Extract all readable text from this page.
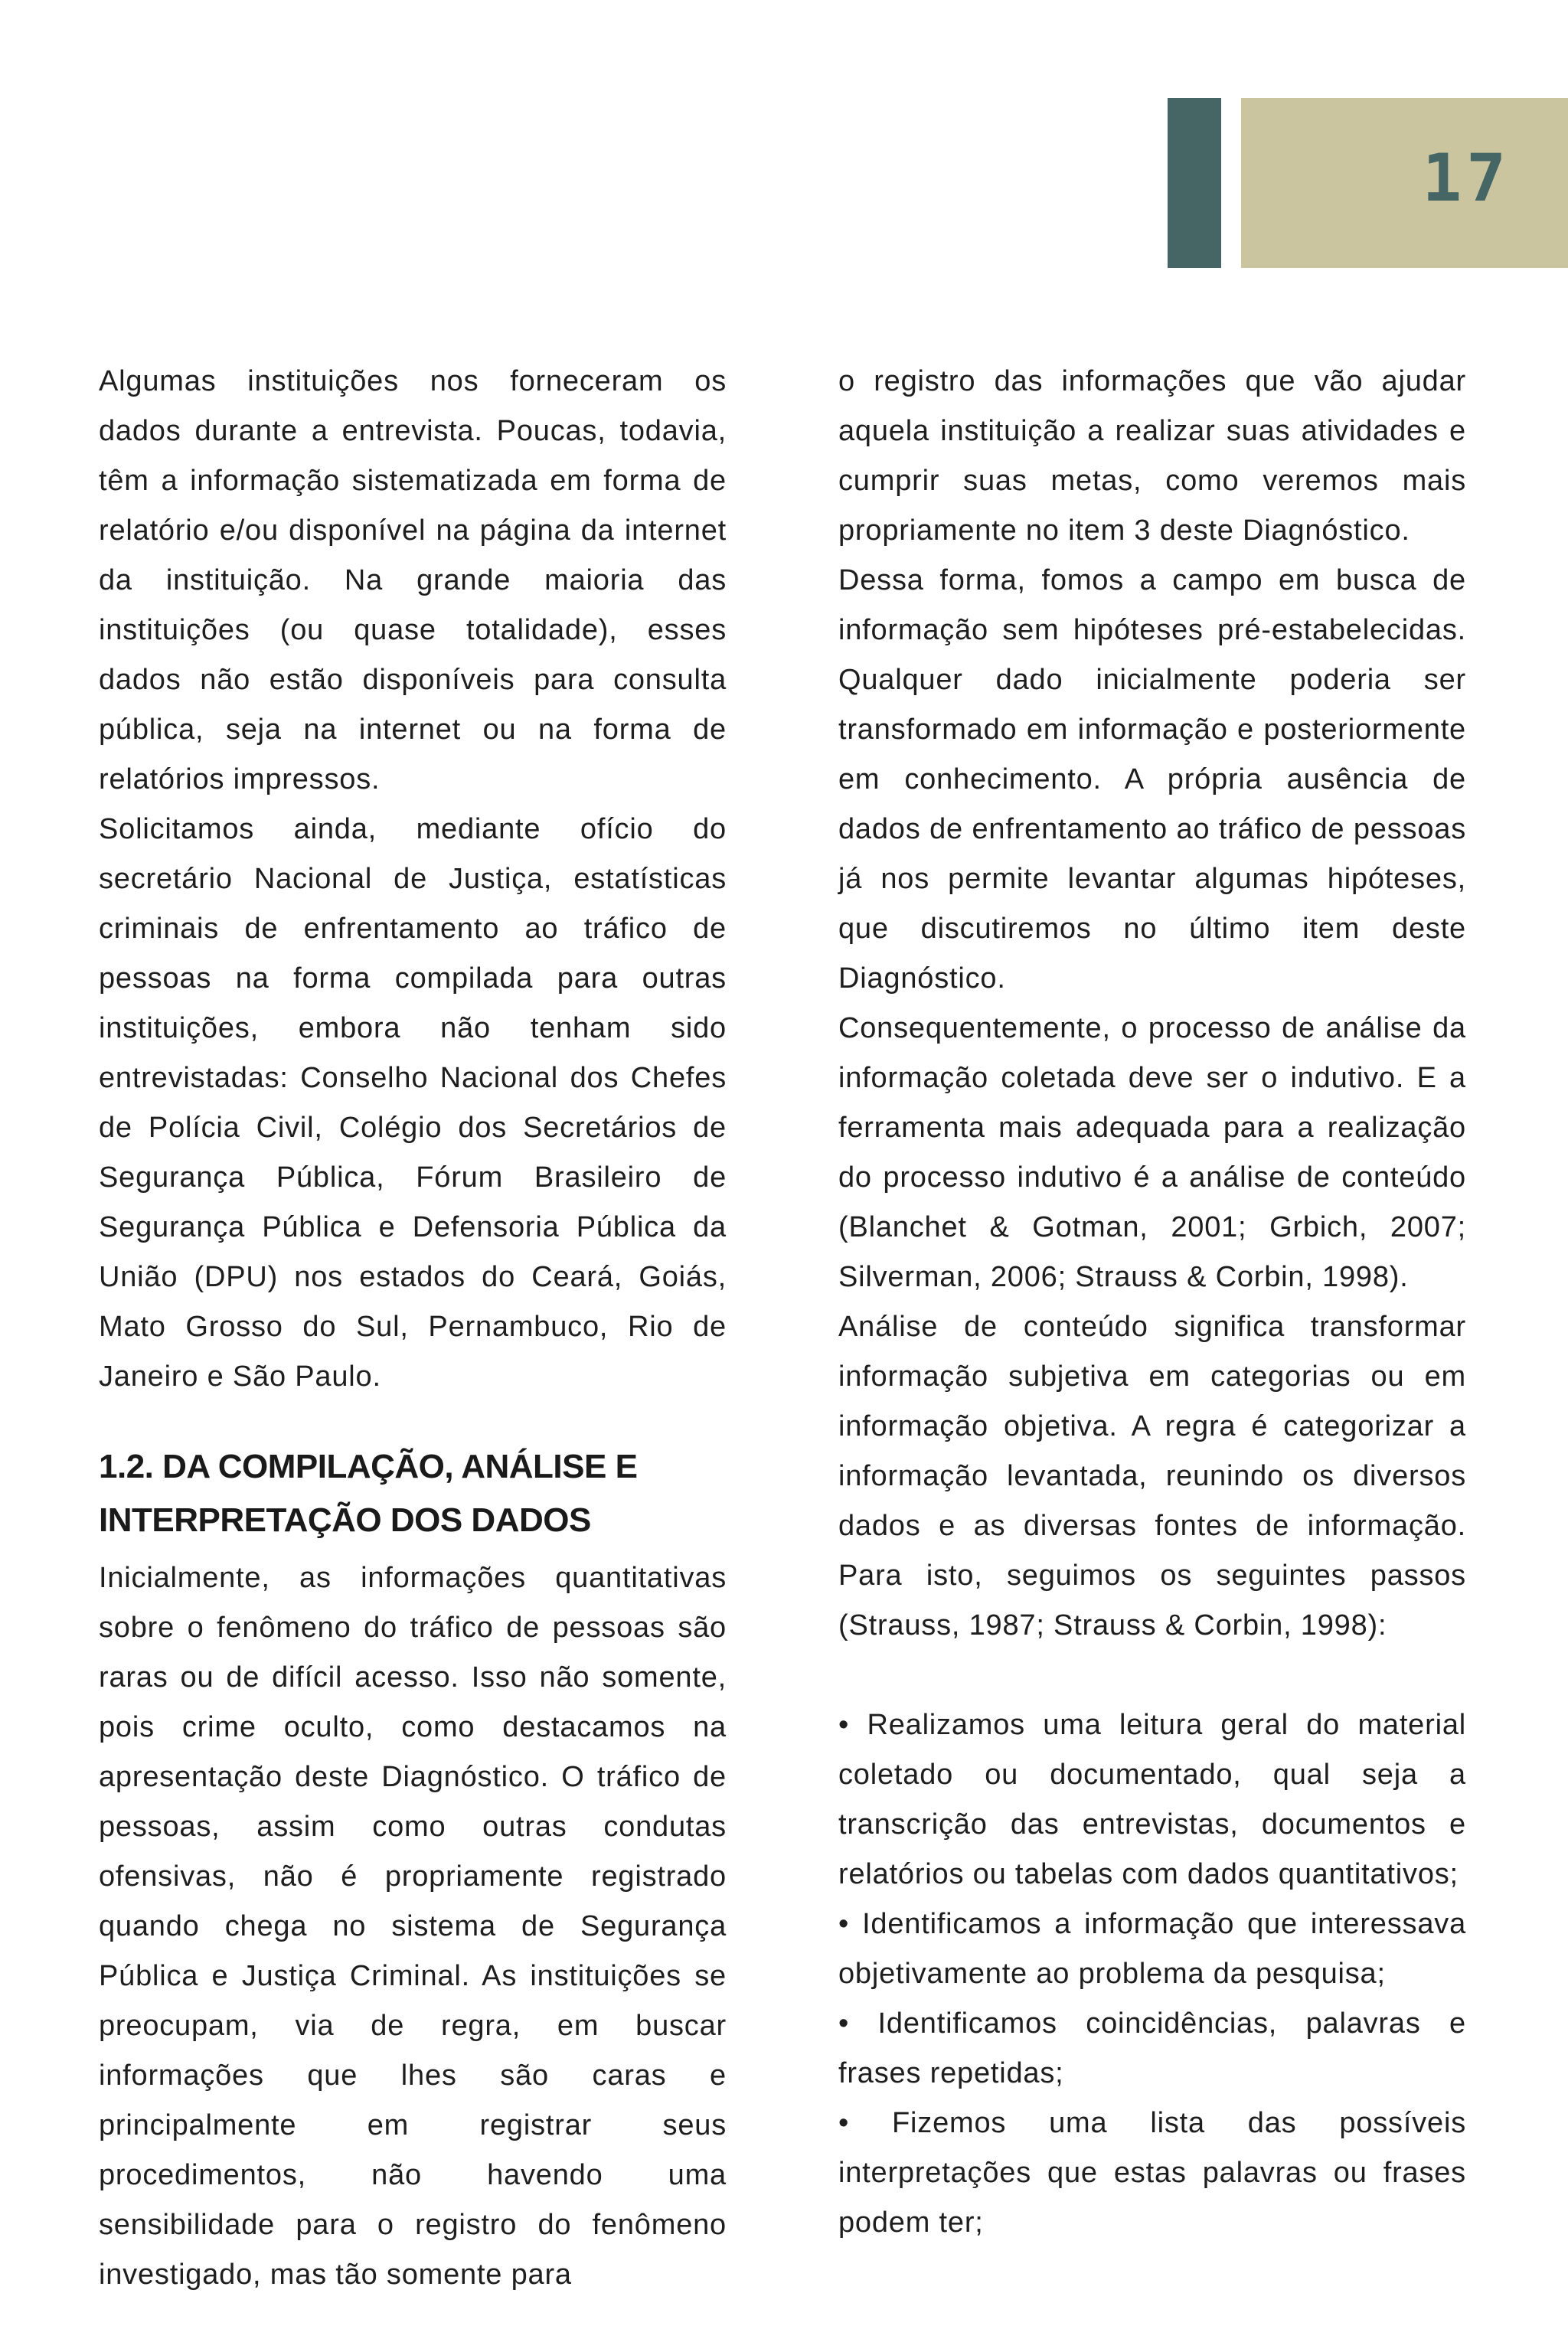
17

Algumas instituições nos forneceram os dados durante a entrevista. Poucas, todavia, têm a informação sistematizada em forma de relatório e/ou disponível na página da internet da instituição. Na grande maioria das instituições (ou quase totalidade), esses dados não estão disponíveis para consulta pública, seja na internet ou na forma de relatórios impressos.

Solicitamos ainda, mediante ofício do secretário Nacional de Justiça, estatísticas criminais de enfrentamento ao tráfico de pessoas na forma compilada para outras instituições, embora não tenham sido entrevistadas: Conselho Nacional dos Chefes de Polícia Civil, Colégio dos Secretários de Segurança Pública, Fórum Brasileiro de Segurança Pública e Defensoria Pública da União (DPU) nos estados do Ceará, Goiás, Mato Grosso do Sul, Pernambuco, Rio de Janeiro e São Paulo.

1.2. DA COMPILAÇÃO, ANÁLISE E INTERPRETAÇÃO DOS DADOS

Inicialmente, as informações quantitativas sobre o fenômeno do tráfico de pessoas são raras ou de difícil acesso. Isso não somente, pois crime oculto, como destacamos na apresentação deste Diagnóstico. O tráfico de pessoas, assim como outras condutas ofensivas, não é propriamente registrado quando chega no sistema de Segurança Pública e Justiça Criminal. As instituições se preocupam, via de regra, em buscar informações que lhes são caras e principalmente em registrar seus procedimentos, não havendo uma sensibilidade para o registro do fenômeno investigado, mas tão somente para

o registro das informações que vão ajudar aquela instituição a realizar suas atividades e cumprir suas metas, como veremos mais propriamente no item 3 deste Diagnóstico.

Dessa forma, fomos a campo em busca de informação sem hipóteses pré-estabelecidas. Qualquer dado inicialmente poderia ser transformado em informação e posteriormente em conhecimento. A própria ausência de dados de enfrentamento ao tráfico de pessoas já nos permite levantar algumas hipóteses, que discutiremos no último item deste Diagnóstico.

Consequentemente, o processo de análise da informação coletada deve ser o indutivo. E a ferramenta mais adequada para a realização do processo indutivo é a análise de conteúdo (Blanchet & Gotman, 2001; Grbich, 2007; Silverman, 2006; Strauss & Corbin, 1998).

Análise de conteúdo significa transformar informação subjetiva em categorias ou em informação objetiva. A regra é categorizar a informação levantada, reunindo os diversos dados e as diversas fontes de informação. Para isto, seguimos os seguintes passos (Strauss, 1987; Strauss & Corbin, 1998):

• Realizamos uma leitura geral do material coletado ou documentado, qual seja a transcrição das entrevistas, documentos e relatórios ou tabelas com dados quantitativos;

• Identificamos a informação que interessava objetivamente ao problema da pesquisa;

• Identificamos coincidências, palavras e frases repetidas;

• Fizemos uma lista das possíveis interpretações que estas palavras ou frases podem ter;
